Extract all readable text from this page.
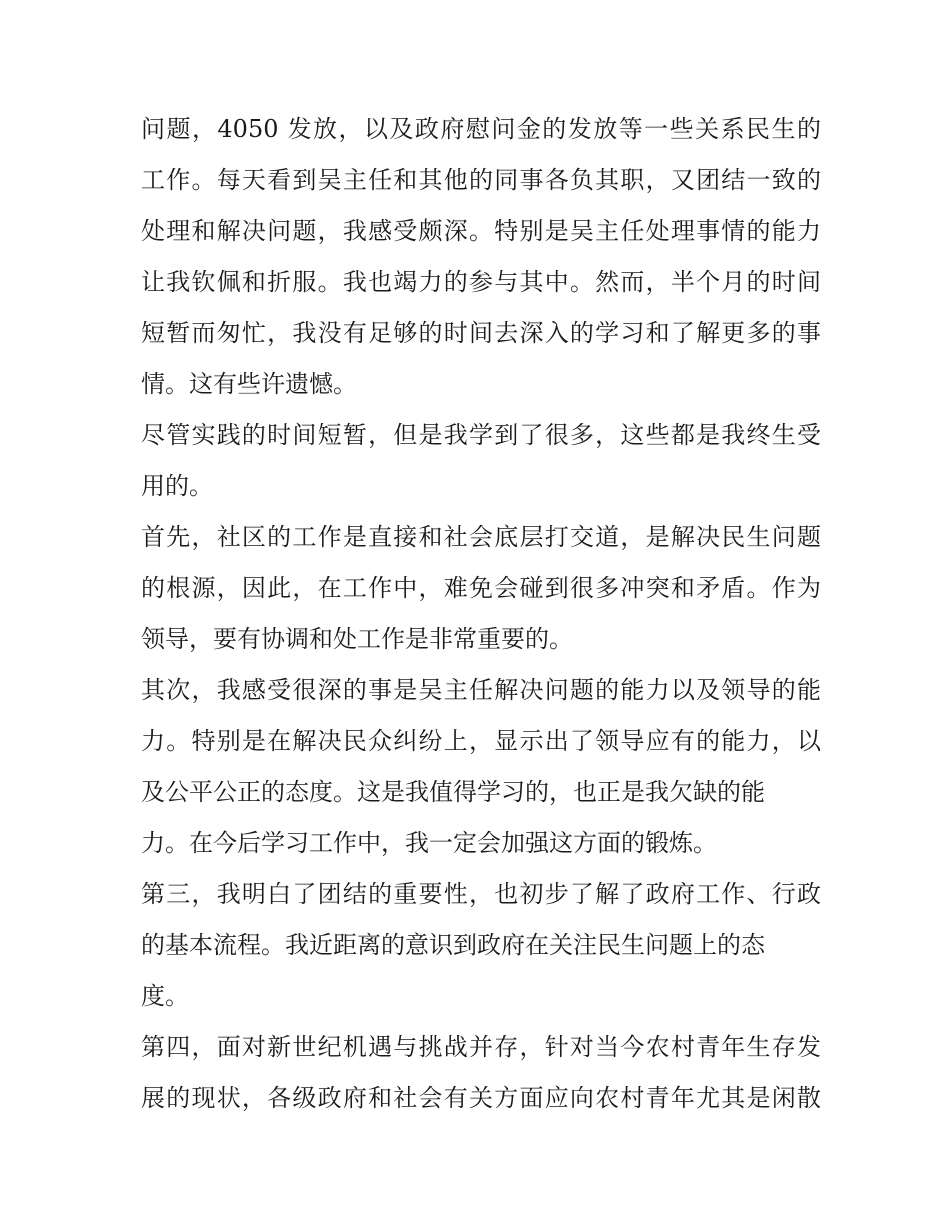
问题，4050 发放，以及政府慰问金的发放等一些关系民生的
工作。每天看到吴主任和其他的同事各负其职，又团结一致的
处理和解决问题，我感受颇深。特别是吴主任处理事情的能力
让我钦佩和折服。我也竭力的参与其中。然而，半个月的时间
短暂而匆忙，我没有足够的时间去深入的学习和了解更多的事
情。这有些许遗憾。
尽管实践的时间短暂，但是我学到了很多，这些都是我终生受
用的。
首先，社区的工作是直接和社会底层打交道，是解决民生问题
的根源，因此，在工作中，难免会碰到很多冲突和矛盾。作为
领导，要有协调和处工作是非常重要的。
其次，我感受很深的事是吴主任解决问题的能力以及领导的能
力。特别是在解决民众纠纷上，显示出了领导应有的能力，以
及公平公正的态度。这是我值得学习的，也正是我欠缺的能
力。在今后学习工作中，我一定会加强这方面的锻炼。
第三，我明白了团结的重要性，也初步了解了政府工作、行政
的基本流程。我近距离的意识到政府在关注民生问题上的态
度。
第四，面对新世纪机遇与挑战并存，针对当今农村青年生存发
展的现状，各级政府和社会有关方面应向农村青年尤其是闲散
